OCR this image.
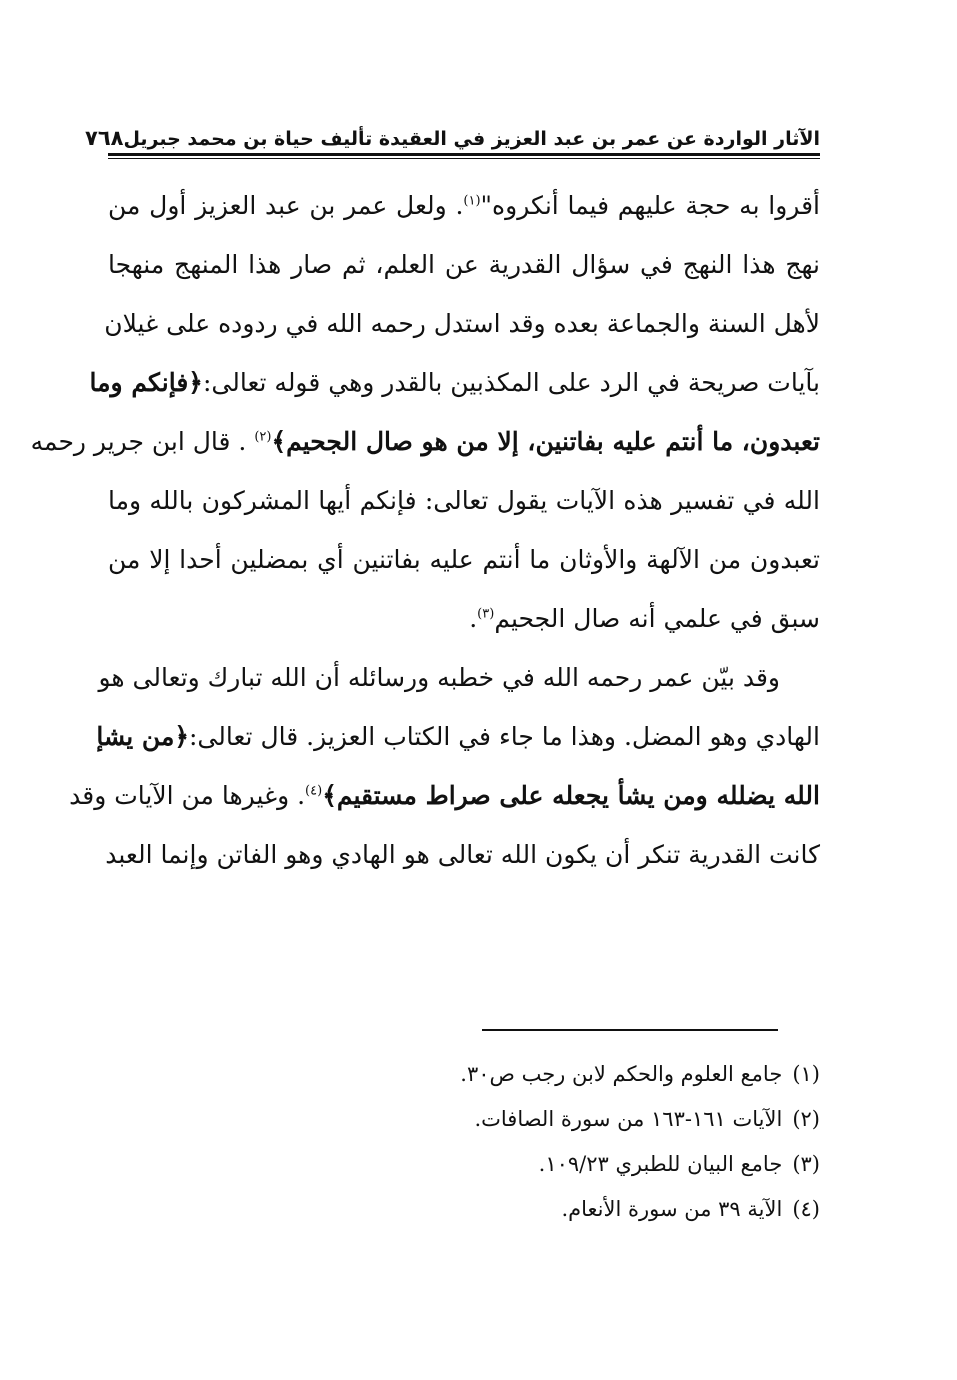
الآثار الواردة عن عمر بن عبد العزيز في العقيدة تأليف حياة بن محمد جبريل
٧٦٨
أقروا به حجة عليهم فيما أنكروه"$^{(١)}$. ولعل عمر بن عبد العزيز أول من
نهج هذا النهج في سؤال القدرية عن العلم، ثم صار هذا المنهج منهجا
لأهل السنة والجماعة بعده وقد استدل رحمه الله في ردوده على غيلان
بآيات صريحة في الرد على المكذبين بالقدر وهي قوله تعالى:﴿فإنكم وما
تعبدون، ما أنتم عليه بفاتنين، إلا من هو صال الجحيم﴾$^{(٢)}$ . قال ابن جرير رحمه
الله في تفسير هذه الآيات يقول تعالى: فإنكم أيها المشركون بالله وما
تعبدون من الآلهة والأوثان ما أنتم عليه بفاتنين أي بمضلين أحدا إلا من
سبق في علمي أنه صال الجحيم$^{(٣)}$.
وقد بيّن عمر رحمه الله في خطبه ورسائله أن الله تبارك وتعالى هو
الهادي وهو المضل. وهذا ما جاء في الكتاب العزيز. قال تعالى:﴿من يشإ
الله يضلله ومن يشأ يجعله على صراط مستقيم﴾$^{(٤)}$. وغيرها من الآيات وقد
كانت القدرية تنكر أن يكون الله تعالى هو الهادي وهو الفاتن وإنما العبد
(١)جامع العلوم والحكم لابن رجب ص٣٠.
(٢)الآيات ١٦١-١٦٣ من سورة الصافات.
(٣)جامع البيان للطبري ١٠٩/٢٣.
(٤)الآية ٣٩ من سورة الأنعام.
